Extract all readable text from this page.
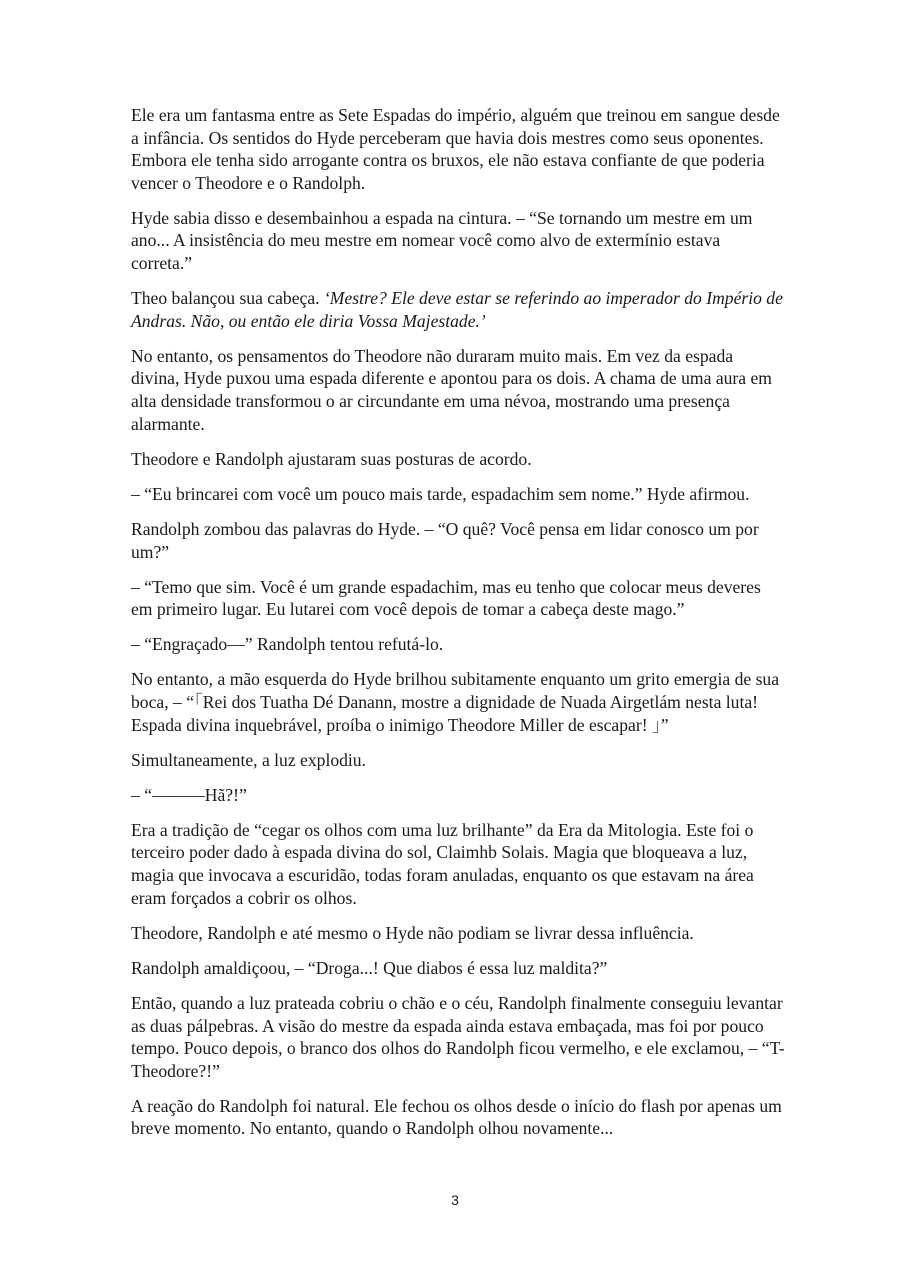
Ele era um fantasma entre as Sete Espadas do império, alguém que treinou em sangue desde a infância. Os sentidos do Hyde perceberam que havia dois mestres como seus oponentes. Embora ele tenha sido arrogante contra os bruxos, ele não estava confiante de que poderia vencer o Theodore e o Randolph.

Hyde sabia disso e desembainhou a espada na cintura. – “Se tornando um mestre em um ano... A insistência do meu mestre em nomear você como alvo de extermínio estava correta.”

Theo balançou sua cabeça. ‘Mestre? Ele deve estar se referindo ao imperador do Império de Andras. Não, ou então ele diria Vossa Majestade.’

No entanto, os pensamentos do Theodore não duraram muito mais. Em vez da espada divina, Hyde puxou uma espada diferente e apontou para os dois. A chama de uma aura em alta densidade transformou o ar circundante em uma névoa, mostrando uma presença alarmante.

Theodore e Randolph ajustaram suas posturas de acordo.

– “Eu brincarei com você um pouco mais tarde, espadachim sem nome.” Hyde afirmou.

Randolph zombou das palavras do Hyde. – “O quê? Você pensa em lidar conosco um por um?”

– “Temo que sim. Você é um grande espadachim, mas eu tenho que colocar meus deveres em primeiro lugar. Eu lutarei com você depois de tomar a cabeça deste mago.”

– “Engraçado—” Randolph tentou refutá-lo.

No entanto, a mão esquerda do Hyde brilhou subitamente enquanto um grito emergia de sua boca, – “「Rei dos Tuatha Dé Danann, mostre a dignidade de Nuada Airgetlám nesta luta! Espada divina inquebrável, proíba o inimigo Theodore Miller de escapar! 」”

Simultaneamente, a luz explodiu.

– “———Hã?!”

Era a tradição de “cegar os olhos com uma luz brilhante” da Era da Mitologia. Este foi o terceiro poder dado à espada divina do sol, Claimhb Solais. Magia que bloqueava a luz, magia que invocava a escuridão, todas foram anuladas, enquanto os que estavam na área eram forçados a cobrir os olhos.

Theodore, Randolph e até mesmo o Hyde não podiam se livrar dessa influência.

Randolph amaldiçoou, – “Droga...! Que diabos é essa luz maldita?”

Então, quando a luz prateada cobriu o chão e o céu, Randolph finalmente conseguiu levantar as duas pálpebras. A visão do mestre da espada ainda estava embaçada, mas foi por pouco tempo. Pouco depois, o branco dos olhos do Randolph ficou vermelho, e ele exclamou, – “T-Theodore?!”

A reação do Randolph foi natural. Ele fechou os olhos desde o início do flash por apenas um breve momento. No entanto, quando o Randolph olhou novamente...

3
